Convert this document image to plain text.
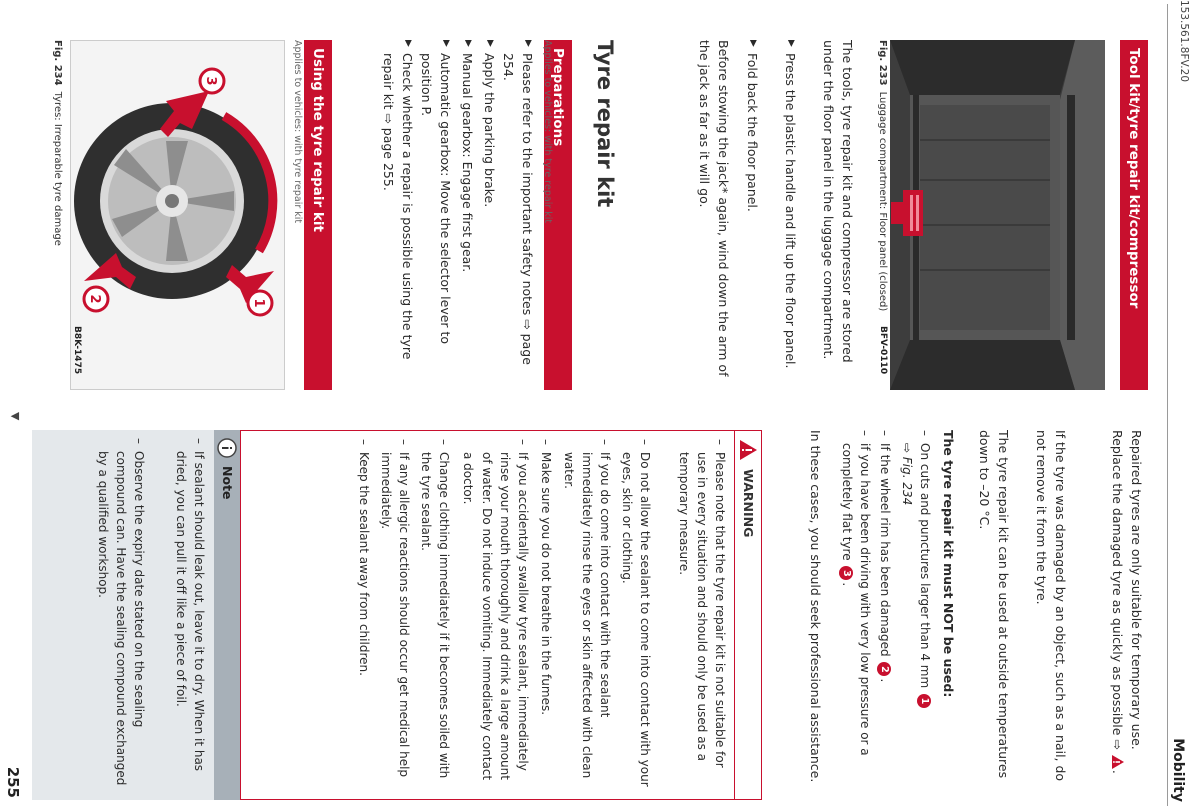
153.561.8FV.20
Mobility
Tool kit/tyre repair kit/compressor
BFV-0110
Fig. 233Luggage compartment: Floor panel (closed)
The tools, tyre repair kit and compressor are stored under the floor panel in the luggage compartment.
▶
Press the plastic handle and lift up the floor panel.
▶
Fold back the floor panel.
Before stowing the jack* again, wind down the arm of the jack as far as it will go.
Tyre repair kit
Preparations
Applies to vehicles: with tyre repair kit
▶
Please refer to the important safety notes ⇨ page 254.
▶
Apply the parking brake.
▶
Manual gearbox: Engage first gear.
▶
Automatic gearbox: Move the selector lever to position P.
▶
Check whether a repair is possible using the tyre repair kit ⇨ page 255.
Using the tyre repair kit
Applies to vehicles: with tyre repair kit
1
2
3
B8K-1475
Fig. 234Tyres: Irreparable tyre damage
Repaired tyres are only suitable for temporary use. Replace the damaged tyre as quickly as possible ⇨ .
If the tyre was damaged by an object, such as a nail, do not remove it from the tyre.
The tyre repair kit can be used at outside temperatures down to –20 °C.
The tyre repair kit must NOT be used:
–
On cuts and punctures larger than 4 mm 1
⇨ Fig. 234
–
If the wheel rim has been damaged 2.
–
if you have been driving with very low pressure or a completely flat tyre 3.
In these cases, you should seek professional assistance.
WARNING
–
Please note that the tyre repair kit is not suitable for use in every situation and should only be used as a temporary measure.
–
Do not allow the sealant to come into contact with your eyes, skin or clothing.
–
If you do come into contact with the sealant immediately rinse the eyes or skin affected with clean water.
–
Make sure you do not breathe in the fumes.
–
If you accidentally swallow tyre sealant, immediately rinse your mouth thoroughly and drink a large amount of water. Do not induce vomiting. Immediately contact a doctor.
–
Change clothing immediately if it becomes soiled with the tyre sealant.
–
If any allergic reactions should occur get medical help immediately.
–
Keep the sealant away from children.
Note
–
If sealant should leak out, leave it to dry. When it has dried, you can pull it off like a piece of foil.
–
Observe the expiry date stated on the sealing compound can. Have the sealing compound exchanged by a qualified workshop.
255
▼
